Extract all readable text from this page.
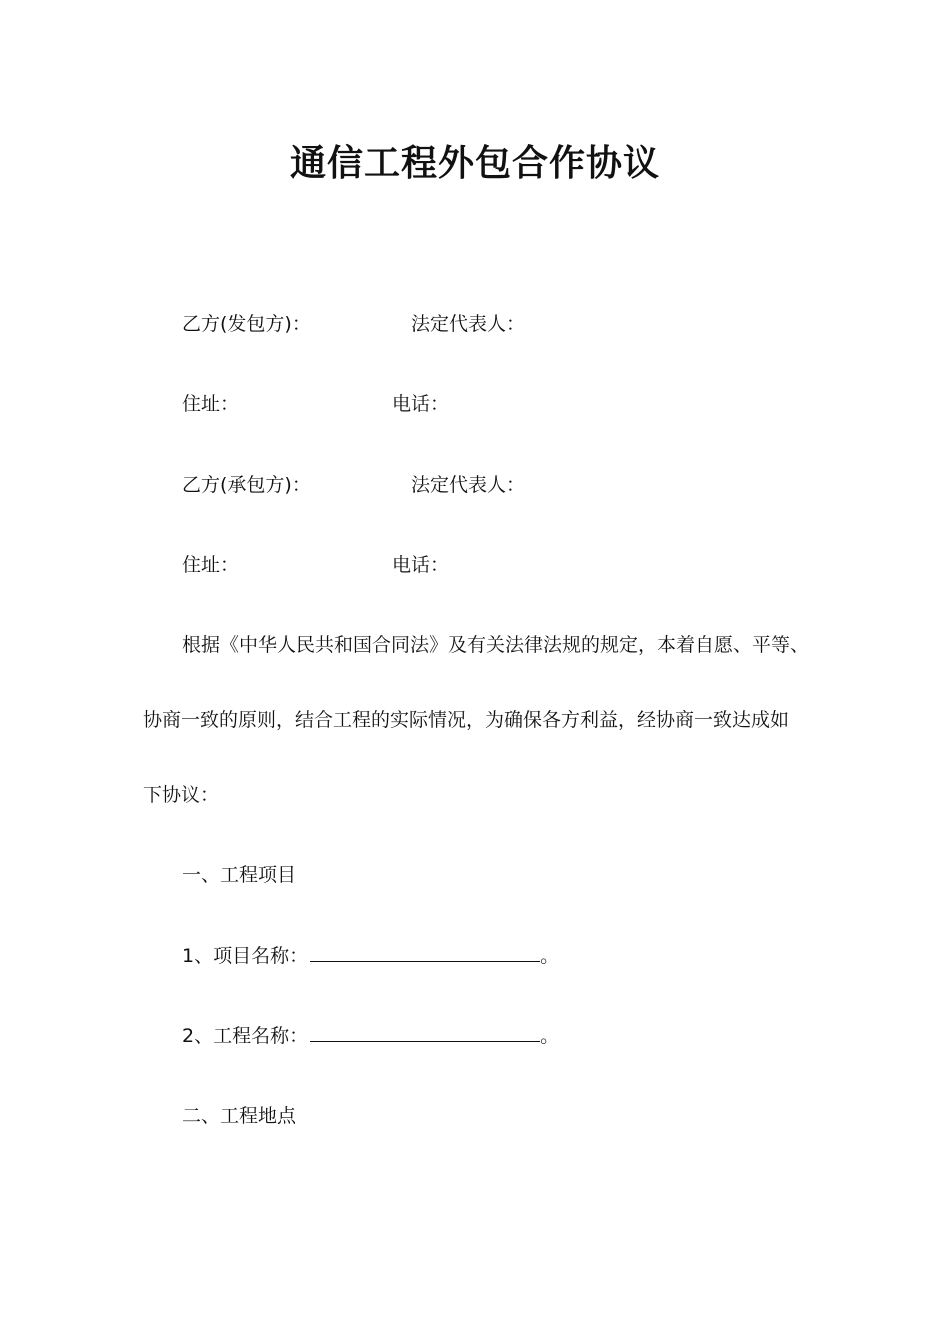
通信工程外包合作协议
乙方(发包方)：	法定代表人：
住址：	电话：
乙方(承包方)：	法定代表人：
住址：	电话：
根据《中华人民共和国合同法》及有关法律法规的规定，本着自愿、平等、
协商一致的原则，结合工程的实际情况，为确保各方利益，经协商一致达成如
下协议：
一、工程项目
1、项目名称：	。
2、工程名称：	。
二、工程地点
